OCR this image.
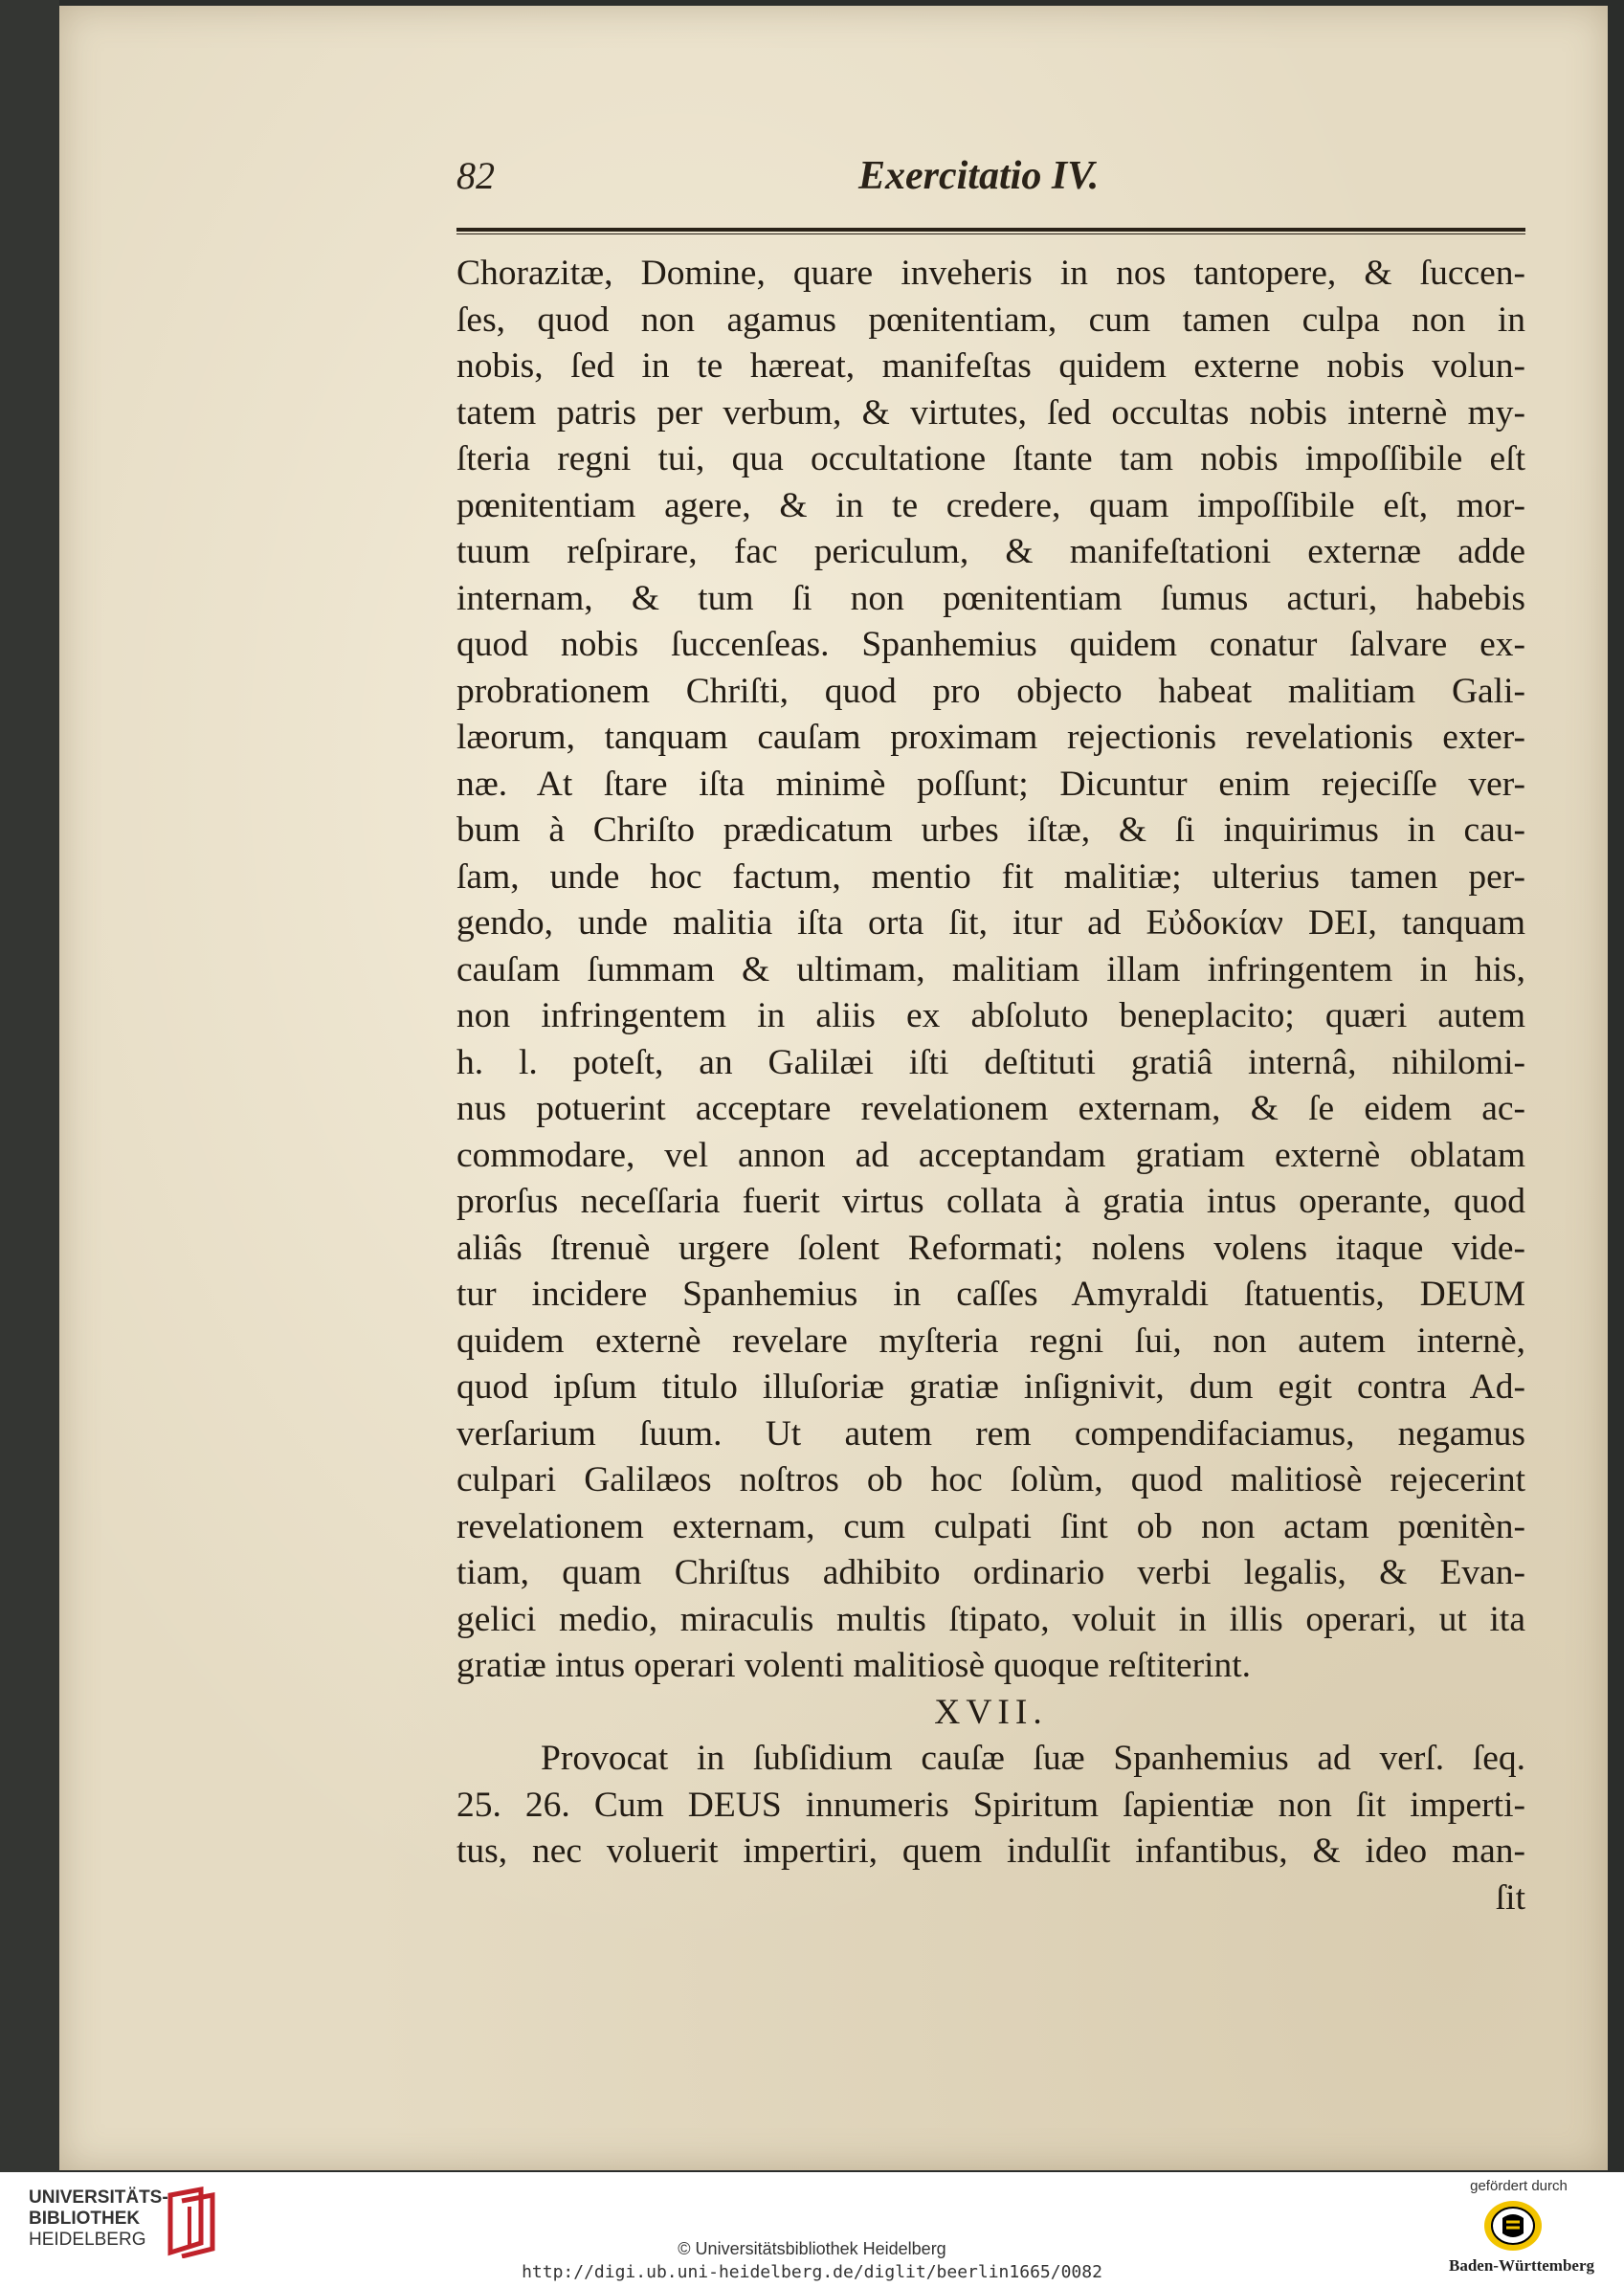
82	Exercitatio IV.
Chorazitæ, Domine, quare inveheris in nos tantopere, & ſuccen-
ſes, quod non agamus pœnitentiam, cum tamen culpa non in
nobis, ſed in te hæreat, manifeſtas quidem externe nobis volun-
tatem patris per verbum, & virtutes, ſed occultas nobis internè my-
ſteria regni tui, qua occultatione ſtante tam nobis impoſſibile eſt
pœnitentiam agere, & in te credere, quam impoſſibile eſt, mor-
tuum reſpirare, fac periculum, & manifeſtationi externæ adde
internam, & tum ſi non pœnitentiam ſumus acturi, habebis
quod nobis ſuccenſeas. Spanhemius quidem conatur ſalvare ex-
probrationem Chriſti, quod pro objecto habeat malitiam Gali-
læorum, tanquam cauſam proximam rejectionis revelationis exter-
næ. At ſtare iſta minimè poſſunt; Dicuntur enim rejeciſſe ver-
bum à Chriſto prædicatum urbes iſtæ, & ſi inquirimus in cau-
ſam, unde hoc factum, mentio fit malitiæ; ulterius tamen per-
gendo, unde malitia iſta orta ſit, itur ad Εὐδοκίαν DEI, tanquam
cauſam ſummam & ultimam, malitiam illam infringentem in his,
non infringentem in aliis ex abſoluto beneplacito; quæri autem
h. l. poteſt, an Galilæi iſti deſtituti gratiâ internâ, nihilomi-
nus potuerint acceptare revelationem externam, & ſe eidem ac-
commodare, vel annon ad acceptandam gratiam externè oblatam
prorſus neceſſaria fuerit virtus collata à gratia intus operante, quod
aliâs ſtrenuè urgere ſolent Reformati; nolens volens itaque vide-
tur incidere Spanhemius in caſſes Amyraldi ſtatuentis, DEUM
quidem externè revelare myſteria regni ſui, non autem internè,
quod ipſum titulo illuſoriæ gratiæ inſignivit, dum egit contra Ad-
verſarium ſuum. Ut autem rem compendifaciamus, negamus
culpari Galilæos noſtros ob hoc ſolùm, quod malitiosè rejecerint
revelationem externam, cum culpati ſint ob non actam pœnitèn-
tiam, quam Chriſtus adhibito ordinario verbi legalis, & Evan-
gelici medio, miraculis multis ſtipato, voluit in illis operari, ut ita
gratiæ intus operari volenti malitiosè quoque reſtiterint.
XVII.
Provocat in ſubſidium cauſæ ſuæ Spanhemius ad verſ. ſeq.
25. 26. Cum DEUS innumeris Spiritum ſapientiæ non ſit imperti-
tus, nec voluerit impertiri, quem indulſit infantibus, & ideo man-
ſit
UNIVERSITÄTS-
BIBLIOTHEK
HEIDELBERG	© Universitätsbibliothek Heidelberg
http://digi.ub.uni-heidelberg.de/diglit/beerlin1665/0082
gefördert durch
Baden-Württemberg
